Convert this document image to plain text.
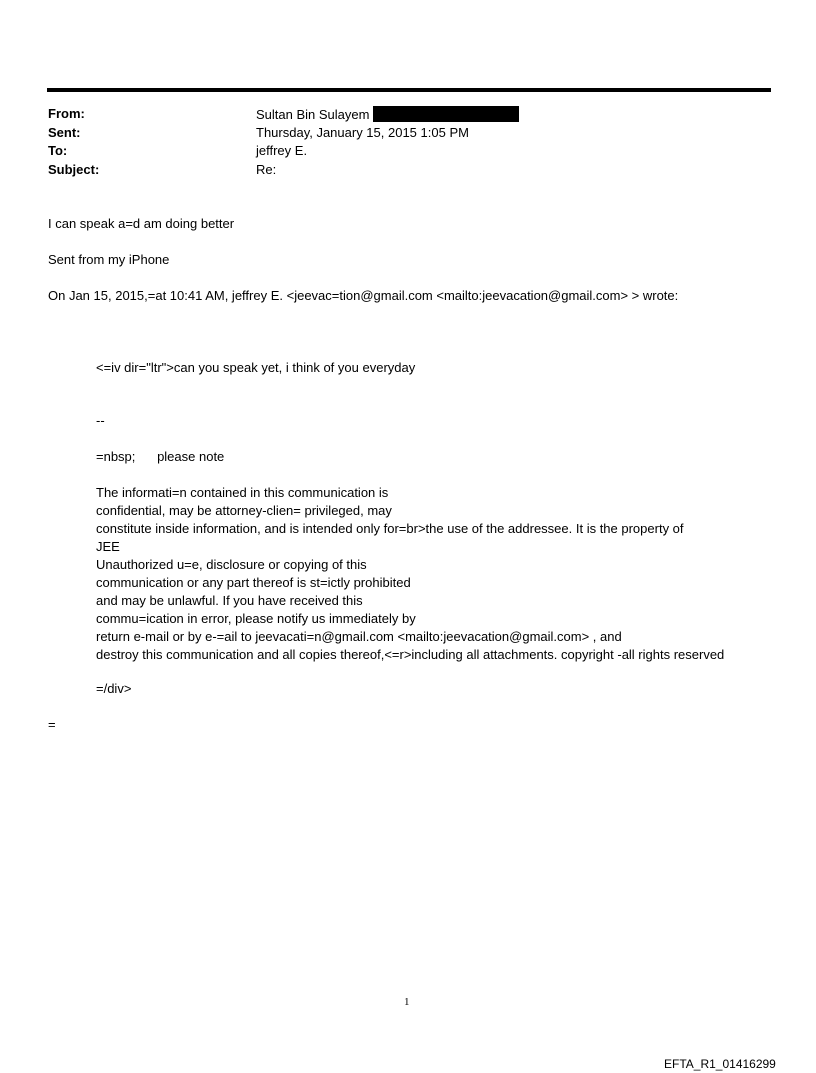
From:	Sultan Bin Sulayem
Sent:	Thursday, January 15, 2015 1:05 PM
To:	jeffrey E.
Subject:	Re:
I can speak a=d am doing better
Sent from my iPhone
On Jan 15, 2015,=at 10:41 AM, jeffrey E. <jeevac=tion@gmail.com <mailto:jeevacation@gmail.com> > wrote:
<=iv dir="ltr">can you speak yet, i think of you everyday
--
=nbsp;      please note
The informati=n contained in this communication is
confidential, may be attorney-clien= privileged, may
constitute inside information, and is intended only for=br>the use of the addressee. It is the property of
JEE
Unauthorized u=e, disclosure or copying of this
communication or any part thereof is st=ictly prohibited
and may be unlawful. If you have received this
commu=ication in error, please notify us immediately by
return e-mail or by e-=ail to jeevacati=n@gmail.com <mailto:jeevacation@gmail.com> , and
destroy this communication and all copies thereof,<=r>including all attachments. copyright -all rights reserved
=/div>
=
1
EFTA_R1_01416299
